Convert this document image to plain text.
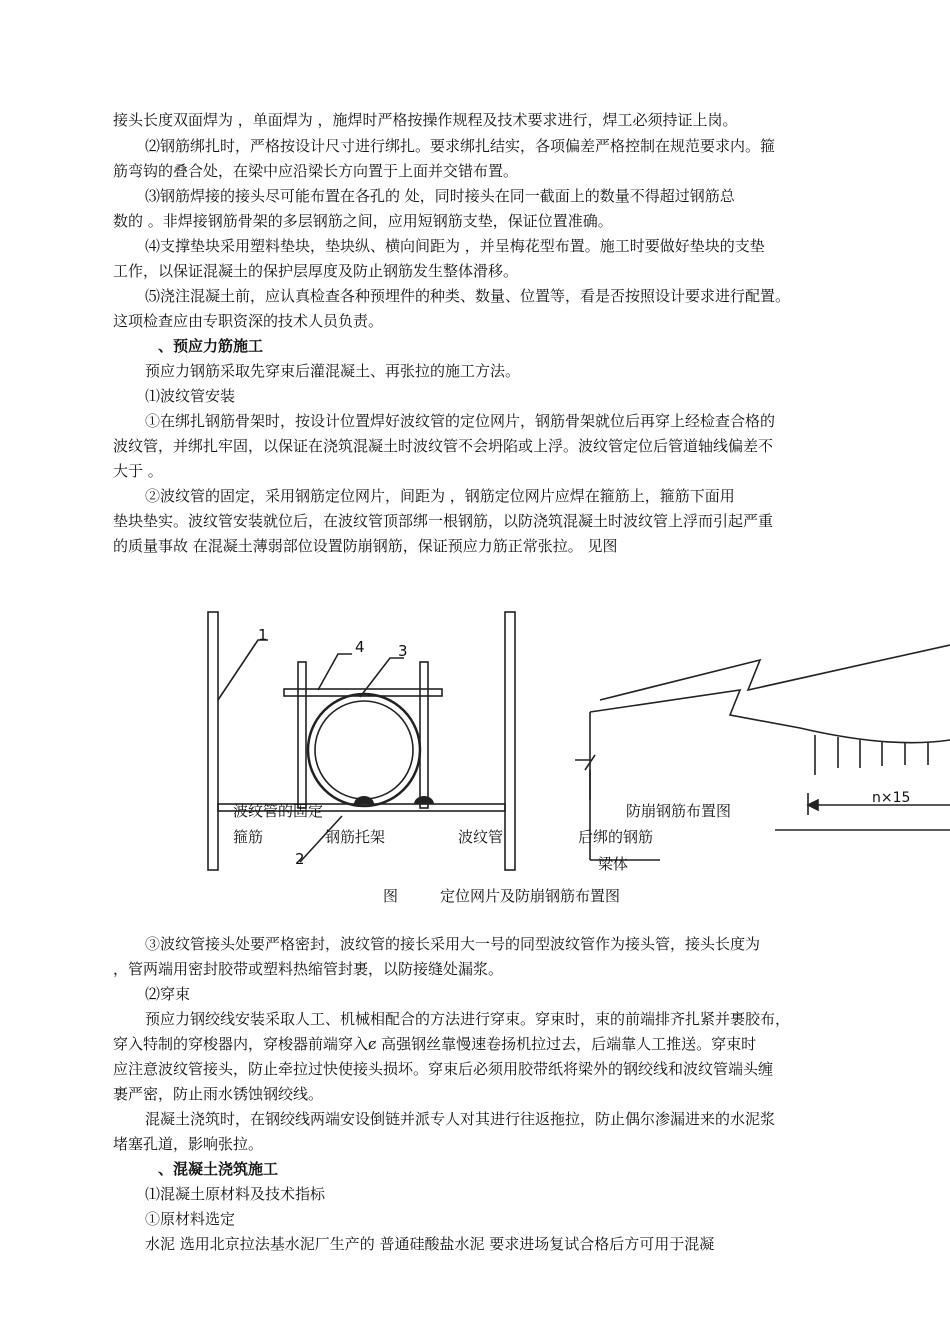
接头长度双面焊为 ，单面焊为 ，施焊时严格按操作规程及技术要求进行，焊工必须持证上岗。
⑵钢筋绑扎时，严格按设计尺寸进行绑扎。要求绑扎结实，各项偏差严格控制在规范要求内。箍
筋弯钩的叠合处，在梁中应沿梁长方向置于上面并交错布置。
⑶钢筋焊接的接头尽可能布置在各孔的 处，同时接头在同一截面上的数量不得超过钢筋总
数的 。非焊接钢筋骨架的多层钢筋之间，应用短钢筋支垫，保证位置准确。
⑷支撑垫块采用塑料垫块，垫块纵、横向间距为 ，并呈梅花型布置。施工时要做好垫块的支垫
工作，以保证混凝土的保护层厚度及防止钢筋发生整体滑移。
⑸浇注混凝土前，应认真检查各种预埋件的种类、数量、位置等，看是否按照设计要求进行配置。
这项检查应由专职资深的技术人员负责。
、预应力筋施工
预应力钢筋采取先穿束后灌混凝土、再张拉的施工方法。
⑴波纹管安装
①在绑扎钢筋骨架时，按设计位置焊好波纹管的定位网片，钢筋骨架就位后再穿上经检查合格的
波纹管，并绑扎牢固，以保证在浇筑混凝土时波纹管不会坍陷或上浮。波纹管定位后管道轴线偏差不
大于 。
②波纹管的固定，采用钢筋定位网片，间距为 ，钢筋定位网片应焊在箍筋上，箍筋下面用
垫块垫实。波纹管安装就位后，在波纹管顶部绑一根钢筋，以防浇筑混凝土时波纹管上浮而引起严重
的质量事故 在混凝土薄弱部位设置防崩钢筋，保证预应力筋正常张拉。 见图
1
2
3
4
波纹管的固定
箍筋	钢筋托架	波纹管	后绑的钢筋
防崩钢筋布置图
梁体
n×15
图	定位网片及防崩钢筋布置图
③波纹管接头处要严格密封，波纹管的接长采用大一号的同型波纹管作为接头管，接头长度为
，管两端用密封胶带或塑料热缩管封裹，以防接缝处漏浆。
⑵穿束
预应力钢绞线安装采取人工、机械相配合的方法进行穿束。穿束时，束的前端排齐扎紧并裹胶布，
穿入特制的穿梭器内，穿梭器前端穿入ȼ 高强钢丝靠慢速卷扬机拉过去，后端靠人工推送。穿束时
应注意波纹管接头，防止牵拉过快使接头损坏。穿束后必须用胶带纸将梁外的钢绞线和波纹管端头缠
裹严密，防止雨水锈蚀钢绞线。
混凝土浇筑时，在钢绞线两端安设倒链并派专人对其进行往返拖拉，防止偶尔渗漏进来的水泥浆
堵塞孔道，影响张拉。
、混凝土浇筑施工
⑴混凝土原材料及技术指标
①原材料选定
水泥 选用北京拉法基水泥厂生产的 普通硅酸盐水泥 要求进场复试合格后方可用于混凝
